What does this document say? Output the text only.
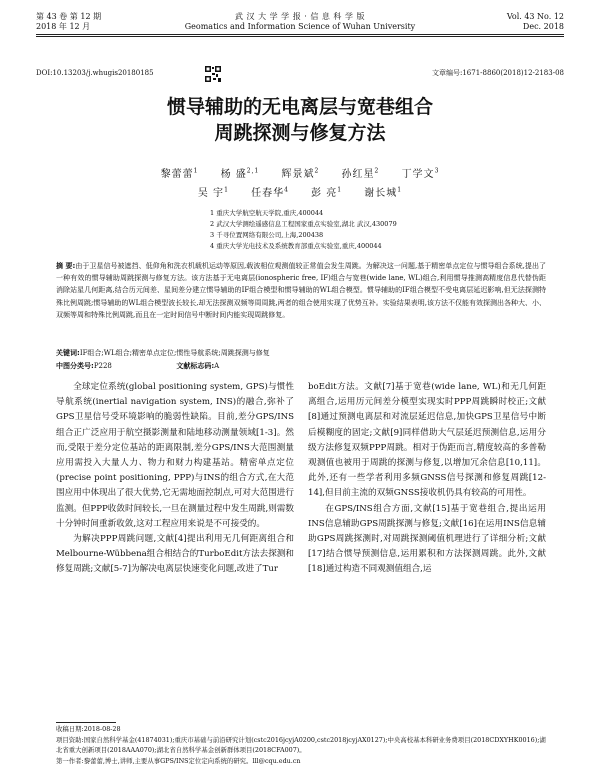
第 43 卷 第 12 期
2018 年 12 月
武 汉 大 学 学 报 · 信 息 科 学 版
Geomatics and Information Science of Wuhan University
Vol. 43 No. 12
Dec. 2018
DOI:10.13203/j.whugis20180185	文章编号:1671-8860(2018)12-2183-08
惯导辅助的无电离层与宽巷组合
周跳探测与修复方法
黎蕾蕾$^1$ 杨 盛$^{2,1}$ 辉景斌$^2$ 孙红星$^2$ 丁学文$^3$
吴 宇$^1$ 任春华$^4$ 彭 亮$^1$ 谢长城$^1$
1 重庆大学航空航天学院,重庆,400044
2 武汉大学测绘遥感信息工程国家重点实验室,湖北 武汉,430079
3 千寻位置网络有限公司,上海,200438
4 重庆大学光电技术及系统教育部重点实验室,重庆,400044
摘 要:由于卫星信号被遮挡、低仰角和洗衣机载机运动等原因,载波相位观测值较正常值会发生周跳。为解决这一问题,基于精密单点定位与惯导组合系统,提出了一种有效的惯导辅助周跳探测与修复方法。该方法基于无电离层(ionospheric free, IF)组合与宽巷(wide lane, WL)组合,利用惯导推测高精度信息代替伪距消除站星几何距离,结合历元间差、星间差分建立惯导辅助的IF组合模型和惯导辅助的WL组合模型。惯导辅助的IF组合模型不受电离层延迟影响,但无法探测特殊比例周跳;惯导辅助的WL组合模型波长较长,却无法探测双频等周周跳,两者的组合使用实现了优势互补。实验结果表明,该方法不仅能有效探测出各种大、小、双频等周和特殊比例周跳,而且在一定时间信号中断时间内能实现周跳修复。
关键词:IF组合;WL组合;精密单点定位;惯性导航系统;周跳探测与修复
中图分类号:P228	文献标志码:A

全球定位系统(global positioning system, GPS)与惯性导航系统(inertial navigation system, INS)的融合,弥补了GPS卫星信号受环境影响的脆弱性缺陷。目前,差分GPS/INS组合正广泛应用于航空摄影测量和陆地移动测量领域[1-3]。然而,受限于差分定位基站的距离限制,差分GPS/INS大范围测量应用需投入大量人力、物力和财力构建基站。精密单点定位(precise point positioning, PPP)与INS的组合方式,在大范围应用中体现出了很大优势,它无需地面控制点,可对大范围进行监测。但PPP收敛时间较长,一旦在测量过程中发生周跳,则需数十分钟时间重新收敛,这对工程应用来说是不可接受的。

为解决PPP周跳问题,文献[4]提出利用无几何距离组合和Melbourne-Wübbena组合相结合的TurboEdit方法去探测和修复周跳;文献[5-7]为解决电离层快速变化问题,改进了Tur

boEdit方法。文献[7]基于宽巷(wide lane, WL)和无几何距离组合,运用历元间差分模型实现实时PPP周跳瞬时校正;文献[8]通过预测电离层和对流层延迟信息,加快GPS卫星信号中断后模糊度的固定;文献[9]同样借助大气层延迟预测信息,运用分级方法修复双频PPP周跳。相对于伪距而言,精度较高的多普勒观测值也被用于周跳的探测与修复,以增加冗余信息[10,11]。此外,还有一些学者利用多频GNSS信号探测和修复周跳[12-14],但目前主流的双频GNSS接收机仍具有较高的可用性。

在GPS/INS组合方面,文献[15]基于宽巷组合,提出运用INS信息辅助GPS周跳探测与修复;文献[16]在运用INS信息辅助GPS周跳探测时,对周跳探测阈值机理进行了详细分析;文献[17]结合惯导预测信息,运用累积和方法探测周跳。此外,文献[18]通过构造不同观测值组合,运

收稿日期:2018-08-28
项目资助:国家自然科学基金(41874031);重庆市基础与前沿研究计划(cstc2016jcyjA0200,cstc2018jcyjAX0127);中央高校基本科研业务费项目(2018CDXYHK0016);湖北省重大创新项目(2018AAA070);湖北省自然科学基金创新群体项目(2018CFA007)。
第一作者:黎蕾蕾,博士,讲师,主要从事GPS/INS定位定向系统的研究。lll@cqu.edu.cn
